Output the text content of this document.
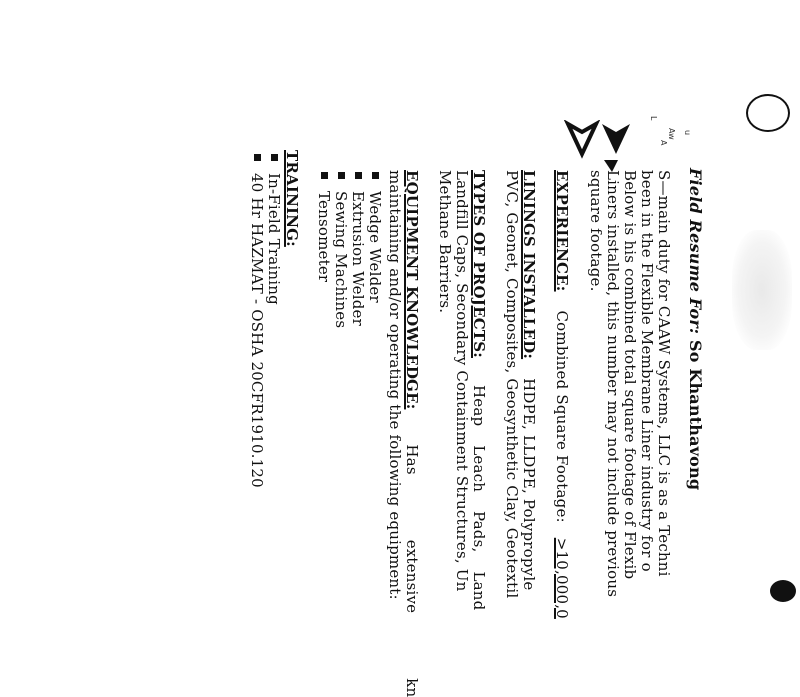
u
Aw
A
L
Field Resume For: So Khanthavong
S—main duty for CAAW Systems, LLC is as a Techni
been in the Flexible Membrane Liner industry for o
Below is his combined total square footage of Flexib
Liners installed, this number may not include previous
square footage.
EXPERIENCE: Combined Square Footage: >10,000,0
LININGS INSTALLED: HDPE, LLDPE, Polypropyle
PVC, Geonet, Composites, Geosynthetic Clay, Geotextil
TYPES OF PROJECTS: Heap Leach Pads, Land
Landfill Caps, Secondary Containment Structures, Un
Methane Barriers.
EQUIPMENT KNOWLEDGE: Has extensive kn
maintaining and/or operating the following equipment:
Wedge Welder
Extrusion Welder
Sewing Machines
Tensometer
TRAINING:
In-Field Training
40 Hr HAZMAT - OSHA 20CFR1910.120
